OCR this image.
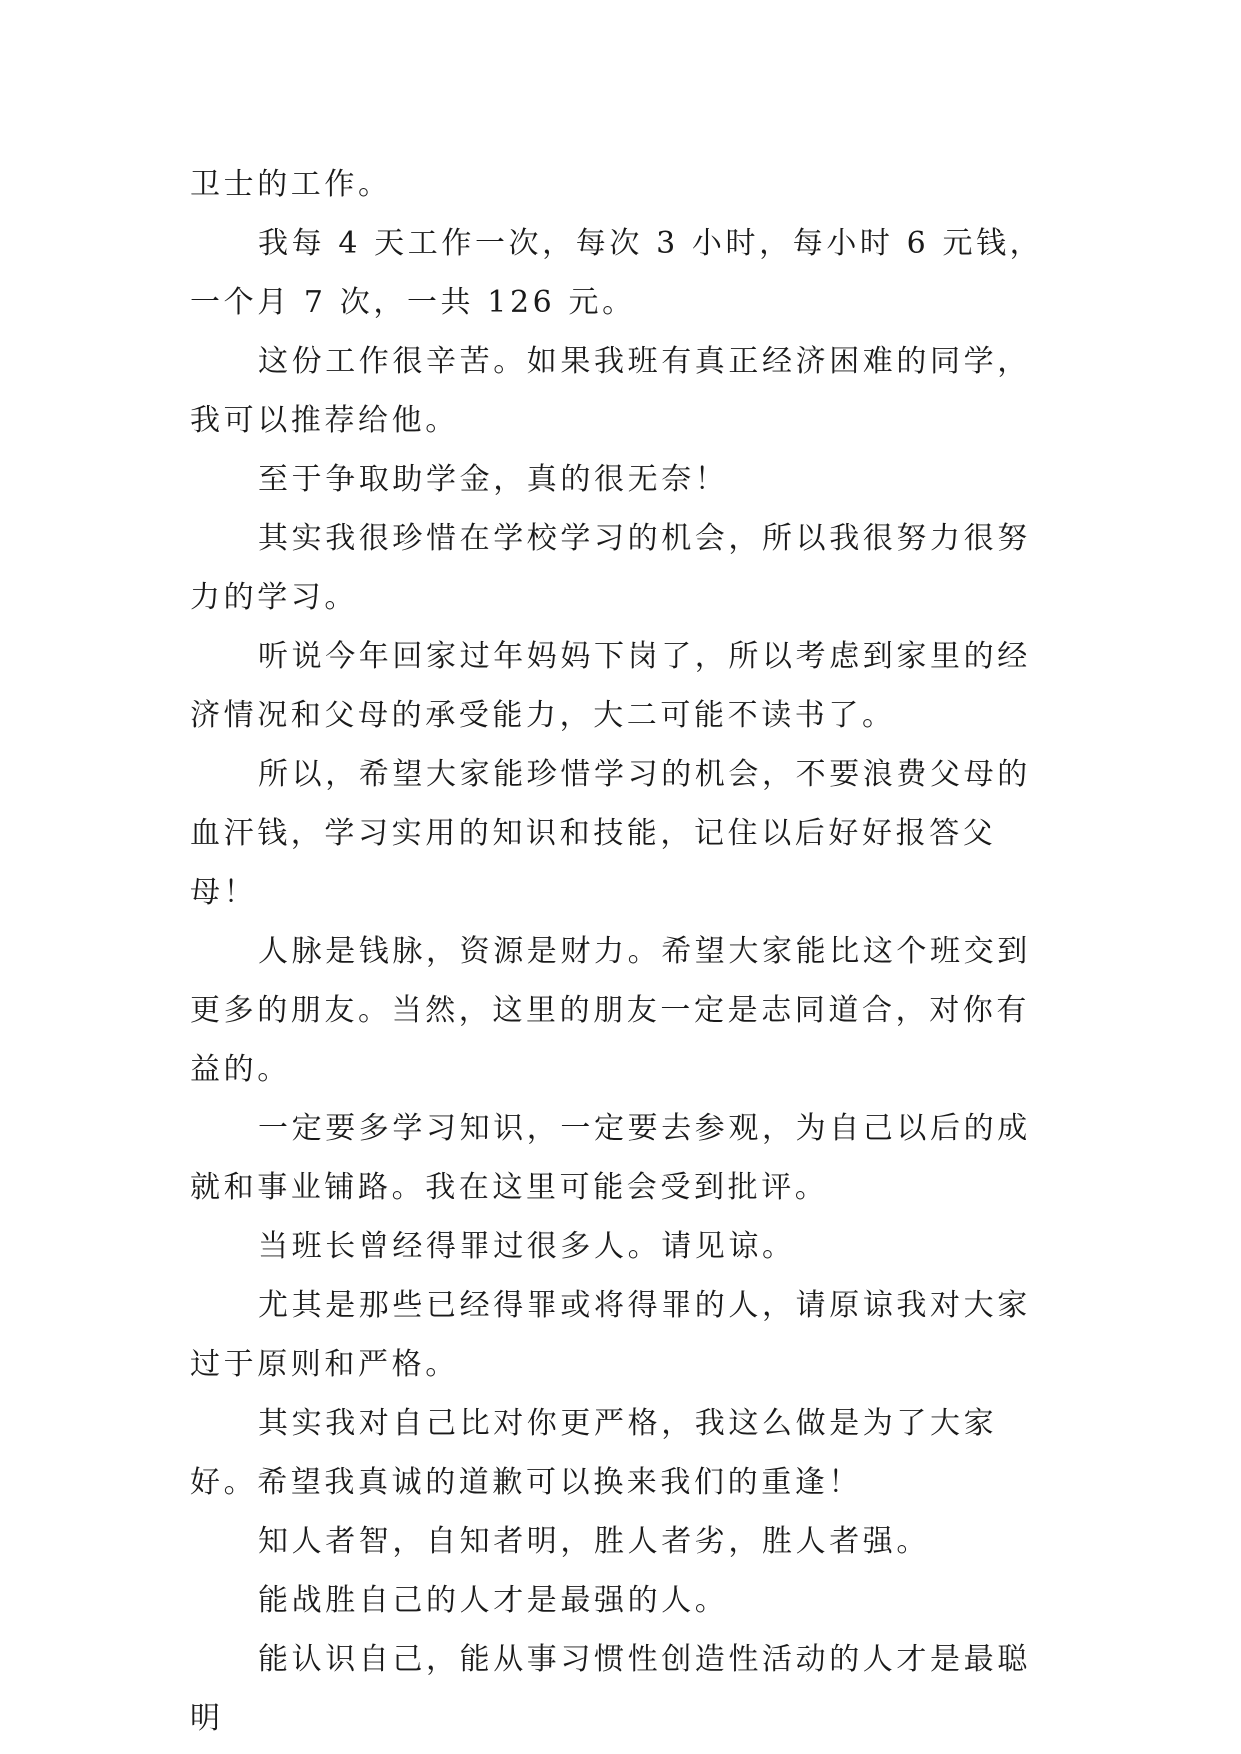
卫士的工作。

我每 4 天工作一次，每次 3 小时，每小时 6 元钱，一个月 7 次，一共 126 元。

这份工作很辛苦。如果我班有真正经济困难的同学，我可以推荐给他。

至于争取助学金，真的很无奈！

其实我很珍惜在学校学习的机会，所以我很努力很努力的学习。

听说今年回家过年妈妈下岗了，所以考虑到家里的经济情况和父母的承受能力，大二可能不读书了。

所以，希望大家能珍惜学习的机会，不要浪费父母的血汗钱，学习实用的知识和技能，记住以后好好报答父母！

人脉是钱脉，资源是财力。希望大家能比这个班交到更多的朋友。当然，这里的朋友一定是志同道合，对你有益的。

一定要多学习知识，一定要去参观，为自己以后的成就和事业铺路。我在这里可能会受到批评。

当班长曾经得罪过很多人。请见谅。

尤其是那些已经得罪或将得罪的人，请原谅我对大家过于原则和严格。

其实我对自己比对你更严格，我这么做是为了大家好。希望我真诚的道歉可以换来我们的重逢！

知人者智，自知者明，胜人者劣，胜人者强。

能战胜自己的人才是最强的人。

能认识自己，能从事习惯性创造性活动的人才是最聪明
